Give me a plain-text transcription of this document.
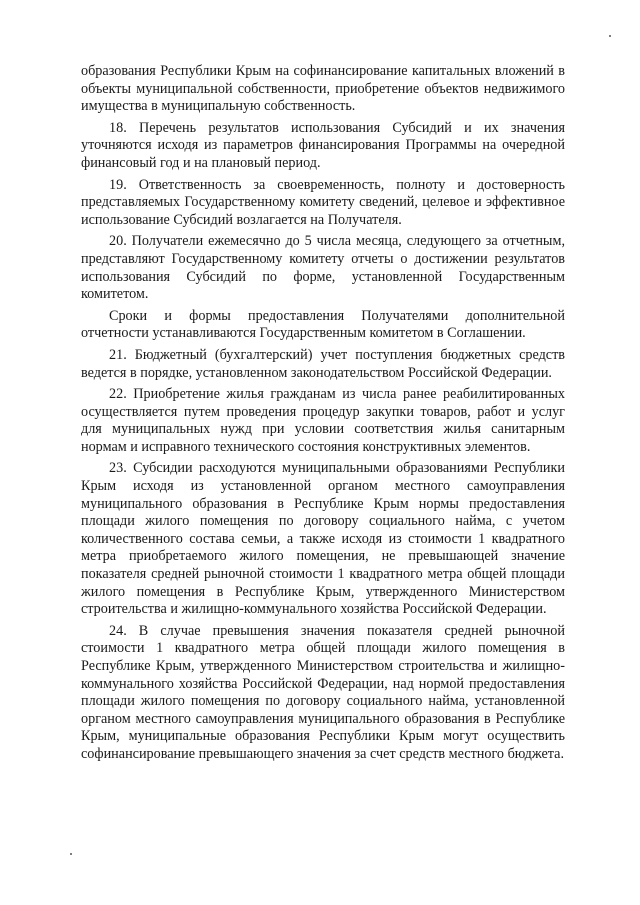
образования Республики Крым на софинансирование капитальных вложений в объекты муниципальной собственности, приобретение объектов недвижимого имущества в муниципальную собственность.

18. Перечень результатов использования Субсидий и их значения уточняются исходя из параметров финансирования Программы на очередной финансовый год и на плановый период.

19. Ответственность за своевременность, полноту и достоверность представляемых Государственному комитету сведений, целевое и эффективное использование Субсидий возлагается на Получателя.

20. Получатели ежемесячно до 5 числа месяца, следующего за отчетным, представляют Государственному комитету отчеты о достижении результатов использования Субсидий по форме, установленной Государственным комитетом.

Сроки и формы предоставления Получателями дополнительной отчетности устанавливаются Государственным комитетом в Соглашении.

21. Бюджетный (бухгалтерский) учет поступления бюджетных средств ведется в порядке, установленном законодательством Российской Федерации.

22. Приобретение жилья гражданам из числа ранее реабилитированных осуществляется путем проведения процедур закупки товаров, работ и услуг для муниципальных нужд при условии соответствия жилья санитарным нормам и исправного технического состояния конструктивных элементов.

23. Субсидии расходуются муниципальными образованиями Республики Крым исходя из установленной органом местного самоуправления муниципального образования в Республике Крым нормы предоставления площади жилого помещения по договору социального найма, с учетом количественного состава семьи, а также исходя из стоимости 1 квадратного метра приобретаемого жилого помещения, не превышающей значение показателя средней рыночной стоимости 1 квадратного метра общей площади жилого помещения в Республике Крым, утвержденного Министерством строительства и жилищно-коммунального хозяйства Российской Федерации.

24. В случае превышения значения показателя средней рыночной стоимости 1 квадратного метра общей площади жилого помещения в Республике Крым, утвержденного Министерством строительства и жилищно-коммунального хозяйства Российской Федерации, над нормой предоставления площади жилого помещения по договору социального найма, установленной органом местного самоуправления муниципального образования в Республике Крым, муниципальные образования Республики Крым могут осуществить софинансирование превышающего значения за счет средств местного бюджета.
